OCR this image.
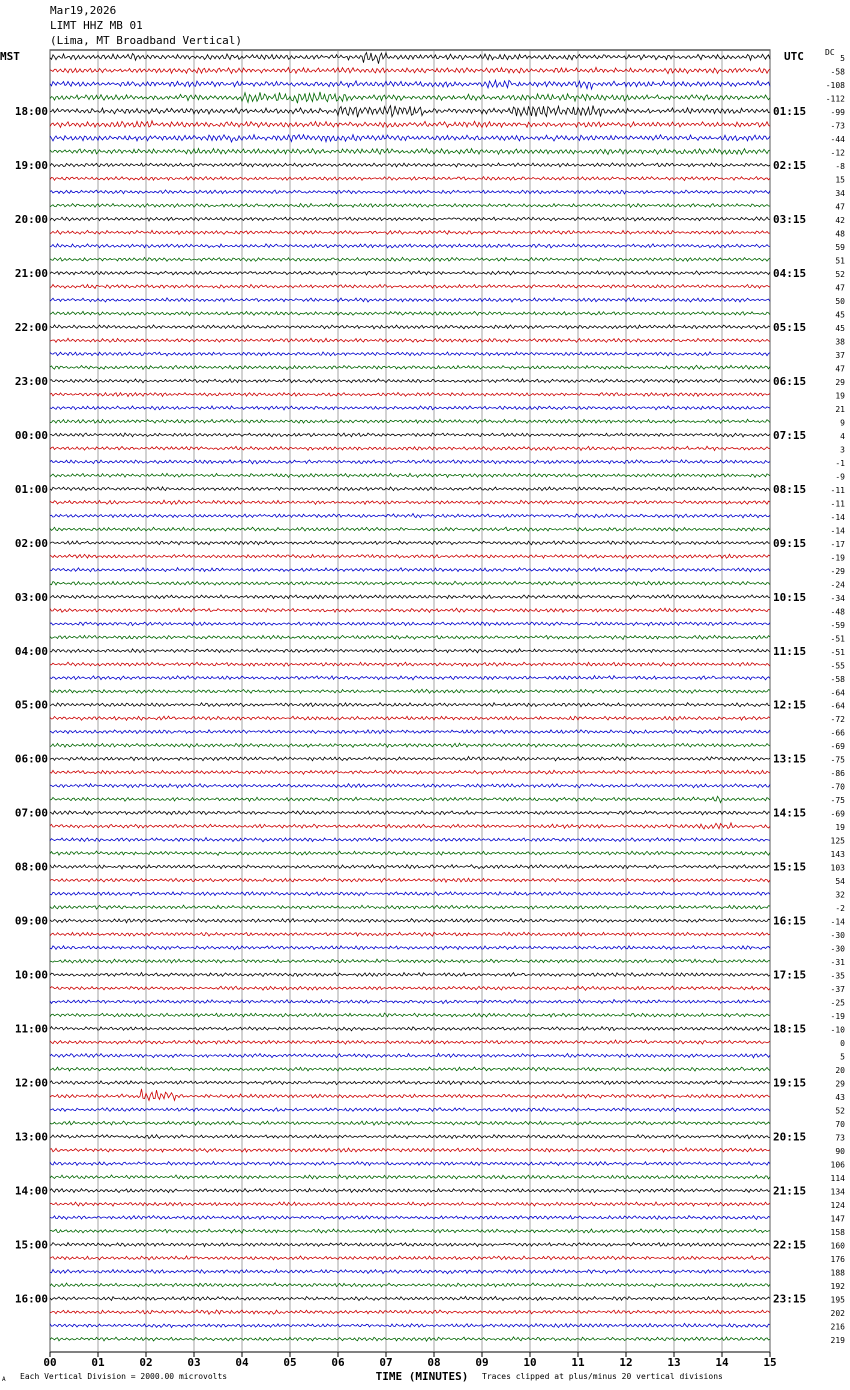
Mar19,2026
LIMT HHZ MB 01
(Lima, MT Broadband Vertical)
MST	UTC	DC
00	01	02	03	04	05	06	07	08	09	10	11	12	13	14	15
5
-58
-108
-112
-99
-73
-44
-12
-8
15
34
47
42
48
59
51
52
47
50
45
45
38
37
47
29
19
21
9
4
3
-1
-9
-11
-11
-14
-14
-17
-19
-29
-24
-34
-48
-59
-51
-51
-55
-58
-64
-64
-72
-66
-69
-75
-86
-70
-75
-69
19
125
143
103
54
32
-2
-14
-30
-30
-31
-35
-37
-25
-19
-10
0
5
20
29
43
52
70
73
90
106
114
134
124
147
158
160
176
188
192
195
202
216
219
18:00	01:15
19:00	02:15
20:00	03:15
21:00	04:15
22:00	05:15
23:00	06:15
00:00	07:15
01:00	08:15
02:00	09:15
03:00	10:15
04:00	11:15
05:00	12:15
06:00	13:15
07:00	14:15
08:00	15:15
09:00	16:15
10:00	17:15
11:00	18:15
12:00	19:15
13:00	20:15
14:00	21:15
15:00	22:15
16:00	23:15
TIME (MINUTES)
Each Vertical Division = 2000.00 microvolts	Traces clipped at plus/minus 20 vertical divisions
A
